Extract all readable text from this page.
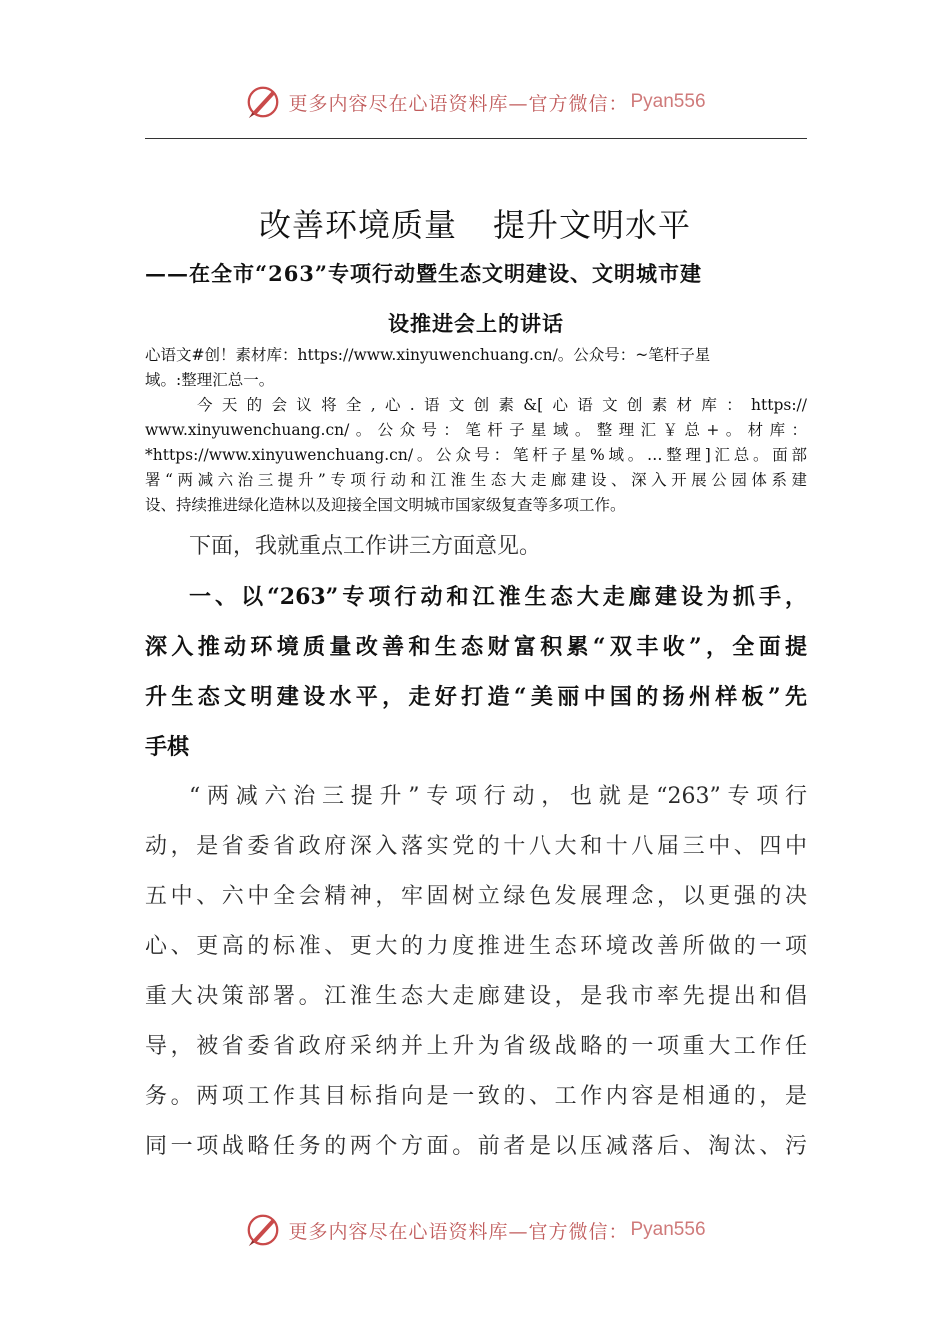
更多内容尽在心语资料库—官方微信： Pyan556
改善环境质量 提升文明水平
——在全市“263”专项行动暨生态文明建设、文明城市建
设推进会上的讲话
心语文#创！素材库：https://www.xinyuwenchuang.cn/。公众号：~笔杆子星
域。:整理汇总一。
今天的会议将全,心.语文创素&[心语文创素材库：https://
www.xinyuwenchuang.cn/。公众号：笔杆子星域。整理汇￥总+。材库：
*https://www.xinyuwenchuang.cn/。公众号：笔杆子星%域。…整理]汇总。面部
署“两减六治三提升”专项行动和江淮生态大走廊建设、深入开展公园体系建
设、持续推进绿化造林以及迎接全国文明城市国家级复查等多项工作。
下面，我就重点工作讲三方面意见。
一、以“263”专项行动和江淮生态大走廊建设为抓手，
深入推动环境质量改善和生态财富积累“双丰收”，全面提
升生态文明建设水平，走好打造“美丽中国的扬州样板”先
手棋
“两减六治三提升”专项行动，也就是“263”专项行
动，是省委省政府深入落实党的十八大和十八届三中、四中
五中、六中全会精神，牢固树立绿色发展理念，以更强的决
心、更高的标准、更大的力度推进生态环境改善所做的一项
重大决策部署。江淮生态大走廊建设，是我市率先提出和倡
导，被省委省政府采纳并上升为省级战略的一项重大工作任
务。两项工作其目标指向是一致的、工作内容是相通的，是
同一项战略任务的两个方面。前者是以压减落后、淘汰、污
更多内容尽在心语资料库—官方微信： Pyan556
